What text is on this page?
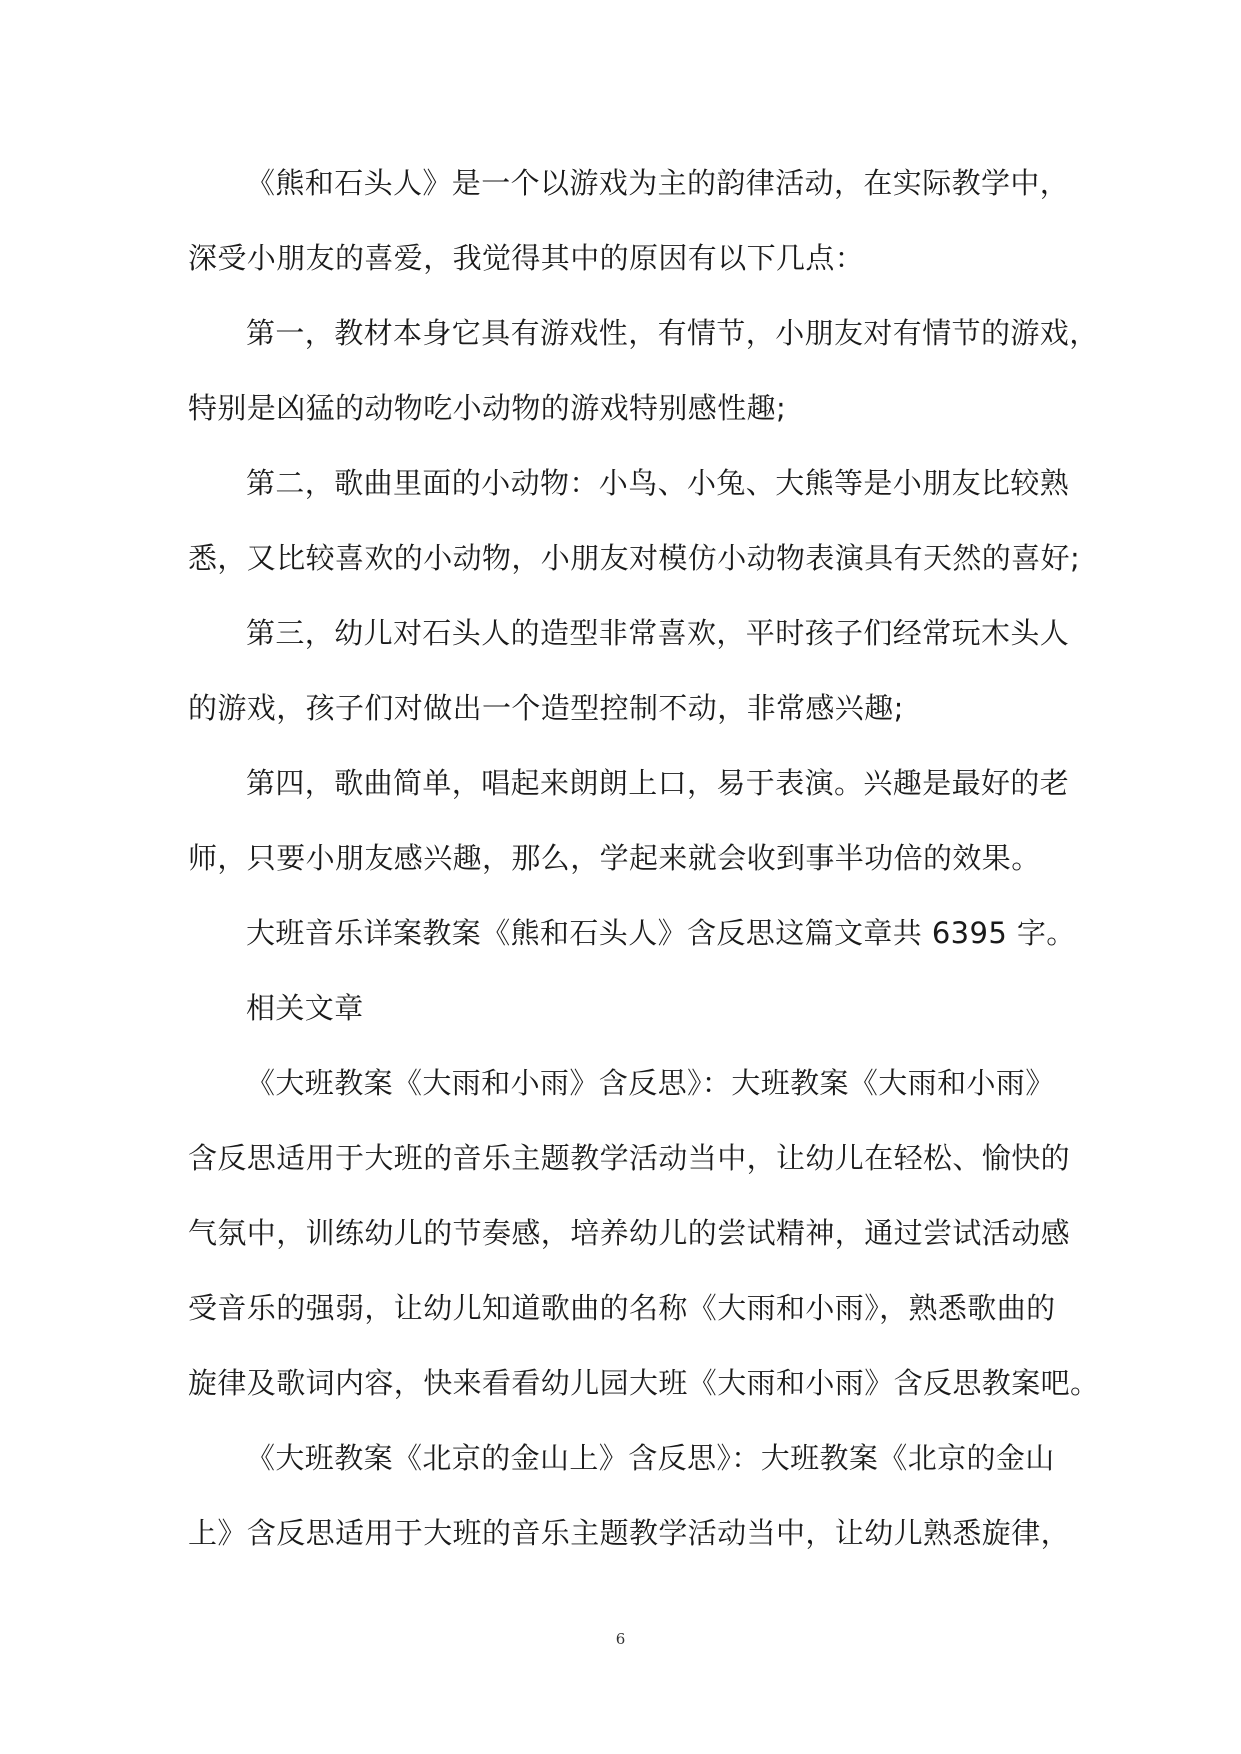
《熊和石头人》是一个以游戏为主的韵律活动，在实际教学中，
深受小朋友的喜爱，我觉得其中的原因有以下几点：

第一，教材本身它具有游戏性，有情节，小朋友对有情节的游戏，
特别是凶猛的动物吃小动物的游戏特别感性趣;

第二，歌曲里面的小动物：小鸟、小兔、大熊等是小朋友比较熟
悉，又比较喜欢的小动物，小朋友对模仿小动物表演具有天然的喜好;

第三，幼儿对石头人的造型非常喜欢，平时孩子们经常玩木头人
的游戏，孩子们对做出一个造型控制不动，非常感兴趣;

第四，歌曲简单，唱起来朗朗上口，易于表演。兴趣是最好的老
师，只要小朋友感兴趣，那么，学起来就会收到事半功倍的效果。

大班音乐详案教案《熊和石头人》含反思这篇文章共 6395 字。

相关文章

《大班教案《大雨和小雨》含反思》：大班教案《大雨和小雨》
含反思适用于大班的音乐主题教学活动当中，让幼儿在轻松、愉快的
气氛中，训练幼儿的节奏感，培养幼儿的尝试精神，通过尝试活动感
受音乐的强弱，让幼儿知道歌曲的名称《大雨和小雨》，熟悉歌曲的
旋律及歌词内容，快来看看幼儿园大班《大雨和小雨》含反思教案吧。

《大班教案《北京的金山上》含反思》：大班教案《北京的金山
上》含反思适用于大班的音乐主题教学活动当中，让幼儿熟悉旋律，

6
